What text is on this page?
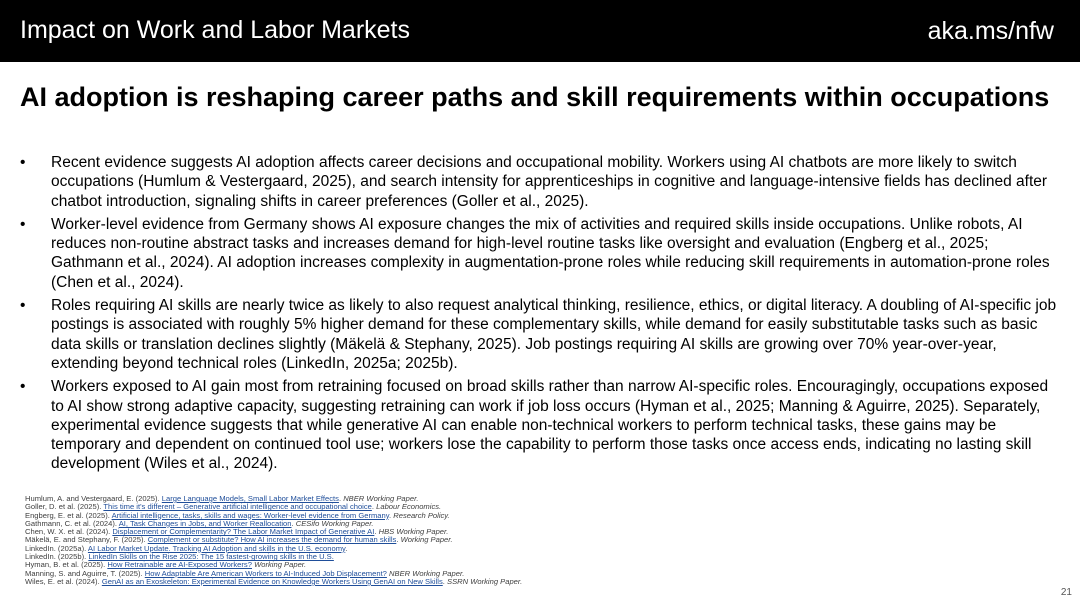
Impact on Work and Labor Markets	aka.ms/nfw
AI adoption is reshaping career paths and skill requirements within occupations
•	Recent evidence suggests AI adoption affects career decisions and occupational mobility. Workers using AI chatbots are more likely to switch occupations (Humlum & Vestergaard, 2025), and search intensity for apprenticeships in cognitive and language-intensive fields has declined after chatbot introduction, signaling shifts in career preferences (Goller et al., 2025).
•	Worker-level evidence from Germany shows AI exposure changes the mix of activities and required skills inside occupations. Unlike robots, AI reduces non-routine abstract tasks and increases demand for high-level routine tasks like oversight and evaluation (Engberg et al., 2025; Gathmann et al., 2024). AI adoption increases complexity in augmentation-prone roles while reducing skill requirements in automation-prone roles (Chen et al., 2024).
•	Roles requiring AI skills are nearly twice as likely to also request analytical thinking, resilience, ethics, or digital literacy. A doubling of AI-specific job postings is associated with roughly 5% higher demand for these complementary skills, while demand for easily substitutable tasks such as basic data skills or translation declines slightly (Mäkelä & Stephany, 2025). Job postings requiring AI skills are growing over 70% year-over-year, extending beyond technical roles (LinkedIn, 2025a; 2025b).
•	Workers exposed to AI gain most from retraining focused on broad skills rather than narrow AI-specific roles. Encouragingly, occupations exposed to AI show strong adaptive capacity, suggesting retraining can work if job loss occurs (Hyman et al., 2025; Manning & Aguirre, 2025). Separately, experimental evidence suggests that while generative AI can enable non-technical workers to perform technical tasks, these gains may be temporary and dependent on continued tool use; workers lose the capability to perform those tasks once access ends, indicating no lasting skill development (Wiles et al., 2024).
Humlum, A. and Vestergaard, E. (2025). Large Language Models, Small Labor Market Effects. NBER Working Paper.
Goller, D. et al. (2025). This time it's different – Generative artificial intelligence and occupational choice. Labour Economics.
Engberg, E. et al. (2025). Artificial intelligence, tasks, skills and wages: Worker-level evidence from Germany. Research Policy.
Gathmann, C. et al. (2024). AI, Task Changes in Jobs, and Worker Reallocation. CESifo Working Paper.
Chen, W. X. et al. (2024). Displacement or Complementarity? The Labor Market Impact of Generative AI. HBS Working Paper.
Mäkelä, E. and Stephany, F. (2025). Complement or substitute? How AI increases the demand for human skills. Working Paper.
LinkedIn. (2025a). AI Labor Market Update. Tracking AI Adoption and skills in the U.S. economy.
LinkedIn. (2025b). LinkedIn Skills on the Rise 2025: The 15 fastest-growing skills in the U.S.
Hyman, B. et al. (2025). How Retrainable are AI-Exposed Workers? Working Paper.
Manning, S. and Aguirre, T. (2025). How Adaptable Are American Workers to AI-Induced Job Displacement? NBER Working Paper.
Wiles, E. et al. (2024). GenAI as an Exoskeleton: Experimental Evidence on Knowledge Workers Using GenAI on New Skills. SSRN Working Paper.
21
